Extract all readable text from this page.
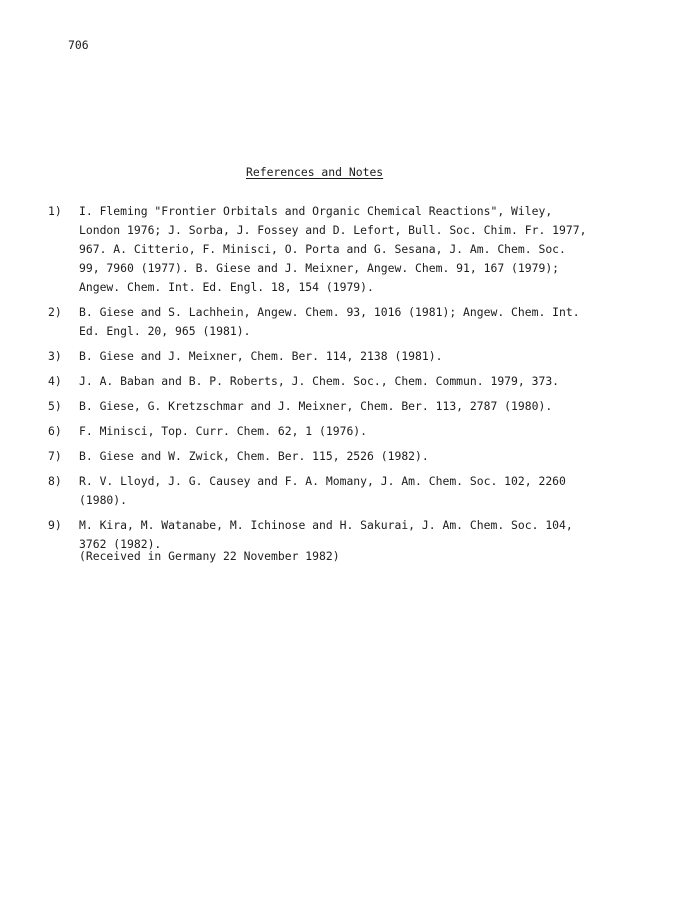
706
References and Notes
1)	I. Fleming "Frontier Orbitals and Organic Chemical Reactions", Wiley,
London 1976; J. Sorba, J. Fossey and D. Lefort, Bull. Soc. Chim. Fr. 1977,
967. A. Citterio, F. Minisci, O. Porta and G. Sesana, J. Am. Chem. Soc.
99, 7960 (1977). B. Giese and J. Meixner, Angew. Chem. 91, 167 (1979);
Angew. Chem. Int. Ed. Engl. 18, 154 (1979).
2)	B. Giese and S. Lachhein, Angew. Chem. 93, 1016 (1981); Angew. Chem. Int.
Ed. Engl. 20, 965 (1981).
3)	B. Giese and J. Meixner, Chem. Ber. 114, 2138 (1981).
4)	J. A. Baban and B. P. Roberts, J. Chem. Soc., Chem. Commun. 1979, 373.
5)	B. Giese, G. Kretzschmar and J. Meixner, Chem. Ber. 113, 2787 (1980).
6)	F. Minisci, Top. Curr. Chem. 62, 1 (1976).
7)	B. Giese and W. Zwick, Chem. Ber. 115, 2526 (1982).
8)	R. V. Lloyd, J. G. Causey and F. A. Momany, J. Am. Chem. Soc. 102, 2260
(1980).
9)	M. Kira, M. Watanabe, M. Ichinose and H. Sakurai, J. Am. Chem. Soc. 104,
3762 (1982).
(Received in Germany 22 November 1982)
